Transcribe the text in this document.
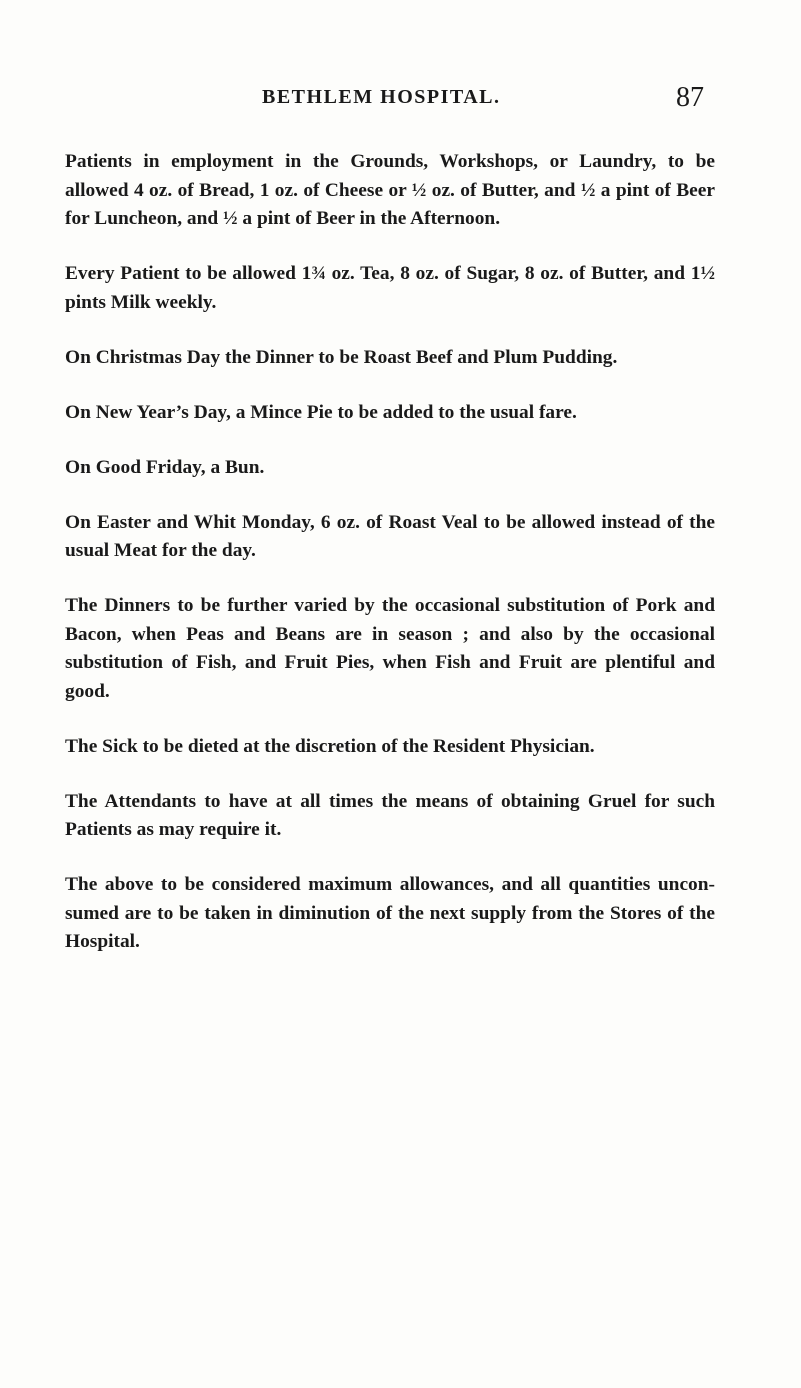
BETHLEM HOSPITAL.	87

Patients in employment in the Grounds, Workshops, or Laundry, to be allowed 4 oz. of Bread, 1 oz. of Cheese or ½ oz. of Butter, and ½ a pint of Beer for Luncheon, and ½ a pint of Beer in the Afternoon.

Every Patient to be allowed 1¾ oz. Tea, 8 oz. of Sugar, 8 oz. of Butter, and 1½ pints Milk weekly.

On Christmas Day the Dinner to be Roast Beef and Plum Pudding.

On New Year’s Day, a Mince Pie to be added to the usual fare.

On Good Friday, a Bun.

On Easter and Whit Monday, 6 oz. of Roast Veal to be allowed instead of the usual Meat for the day.

The Dinners to be further varied by the occasional substitution of Pork and Bacon, when Peas and Beans are in season ; and also by the occasional substitution of Fish, and Fruit Pies, when Fish and Fruit are plentiful and good.

The Sick to be dieted at the discretion of the Resident Physician.

The Attendants to have at all times the means of obtaining Gruel for such Patients as may require it.

The above to be considered maximum allowances, and all quantities uncon-sumed are to be taken in diminution of the next supply from the Stores of the Hospital.
